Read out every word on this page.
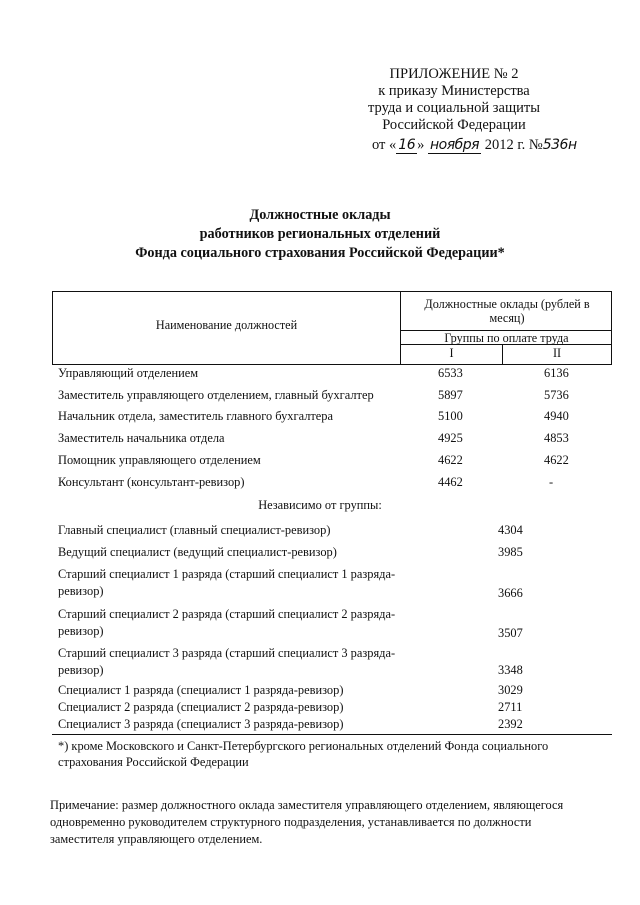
ПРИЛОЖЕНИЕ № 2
к приказу Министерства
труда и социальной защиты
Российской Федерации
от « 16 » ноября 2012 г. №536н
Должностные оклады
работников региональных отделений
Фонда социального страхования Российской Федерации*
Наименование должностей
Должностные оклады (рублей в месяц)
Группы по оплате труда
I	II
Управляющий отделением	6533	6136
Заместитель управляющего отделением, главный бухгалтер	5897	5736
Начальник отдела, заместитель главного бухгалтера	5100	4940
Заместитель начальника отдела	4925	4853
Помощник управляющего отделением	4622	4622
Консультант (консультант-ревизор)	4462	-
Независимо от группы:
Главный специалист (главный специалист-ревизор)	4304
Ведущий специалист (ведущий специалист-ревизор)	3985
Старший специалист 1 разряда (старший специалист 1 разряда-
ревизор)	3666
Старший специалист 2 разряда (старший специалист 2 разряда-
ревизор)	3507
Старший специалист 3 разряда (старший специалист 3 разряда-
ревизор)	3348
Специалист 1 разряда (специалист 1 разряда-ревизор)	3029
Специалист 2 разряда (специалист 2 разряда-ревизор)	2711
Специалист 3 разряда (специалист 3 разряда-ревизор)	2392
*) кроме Московского и Санкт-Петербургского региональных отделений Фонда социального
страхования Российской Федерации
Примечание: размер должностного оклада заместителя управляющего отделением, являющегося
одновременно руководителем структурного подразделения, устанавливается по должности
заместителя управляющего отделением.
